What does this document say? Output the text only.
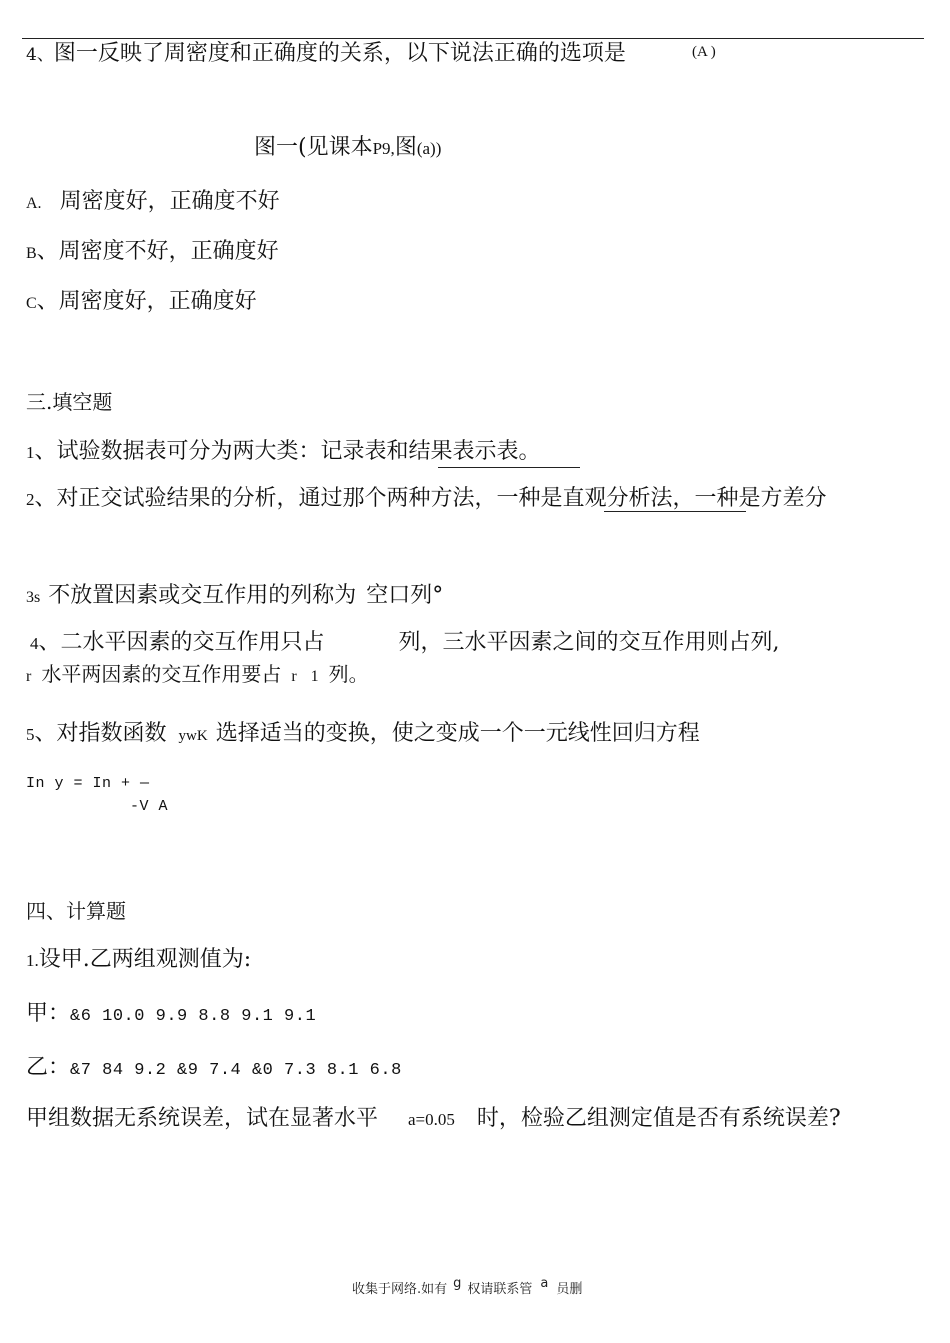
4、图一反映了周密度和正确度的关系，以下说法正确的选项是	(A )
图一(见课本P9,图(a))
A. 周密度好，正确度不好
B、周密度不好，正确度好
C、周密度好，正确度好
三.填空题
1、试验数据表可分为两大类：记录表和结果表示表。
2、对正交试验结果的分析，通过那个两种方法，一种是直观分析法，一种是方差分
3s 不放置因素或交互作用的列称为 空口列°
4、二水平因素的交互作用只占	列，三水平因素之间的交互作用则占列,
r 水平两因素的交互作用要占 r 1 列。
5、对指数函数 ywK 选择适当的变换，使之变成一个一元线性回归方程
In y = In + —
-V A
四、计算题
1.设甲.乙两组观测值为:
甲：&6 10.0 9.9 8.8 9.1 9.1
乙：&7 84 9.2 &9 7.4 &0 7.3 8.1 6.8
甲组数据无系统误差，试在显著水平 a=0.05 时，检验乙组测定值是否有系统误差?
收集于网络.如有 g 权请联系管 a 员删
